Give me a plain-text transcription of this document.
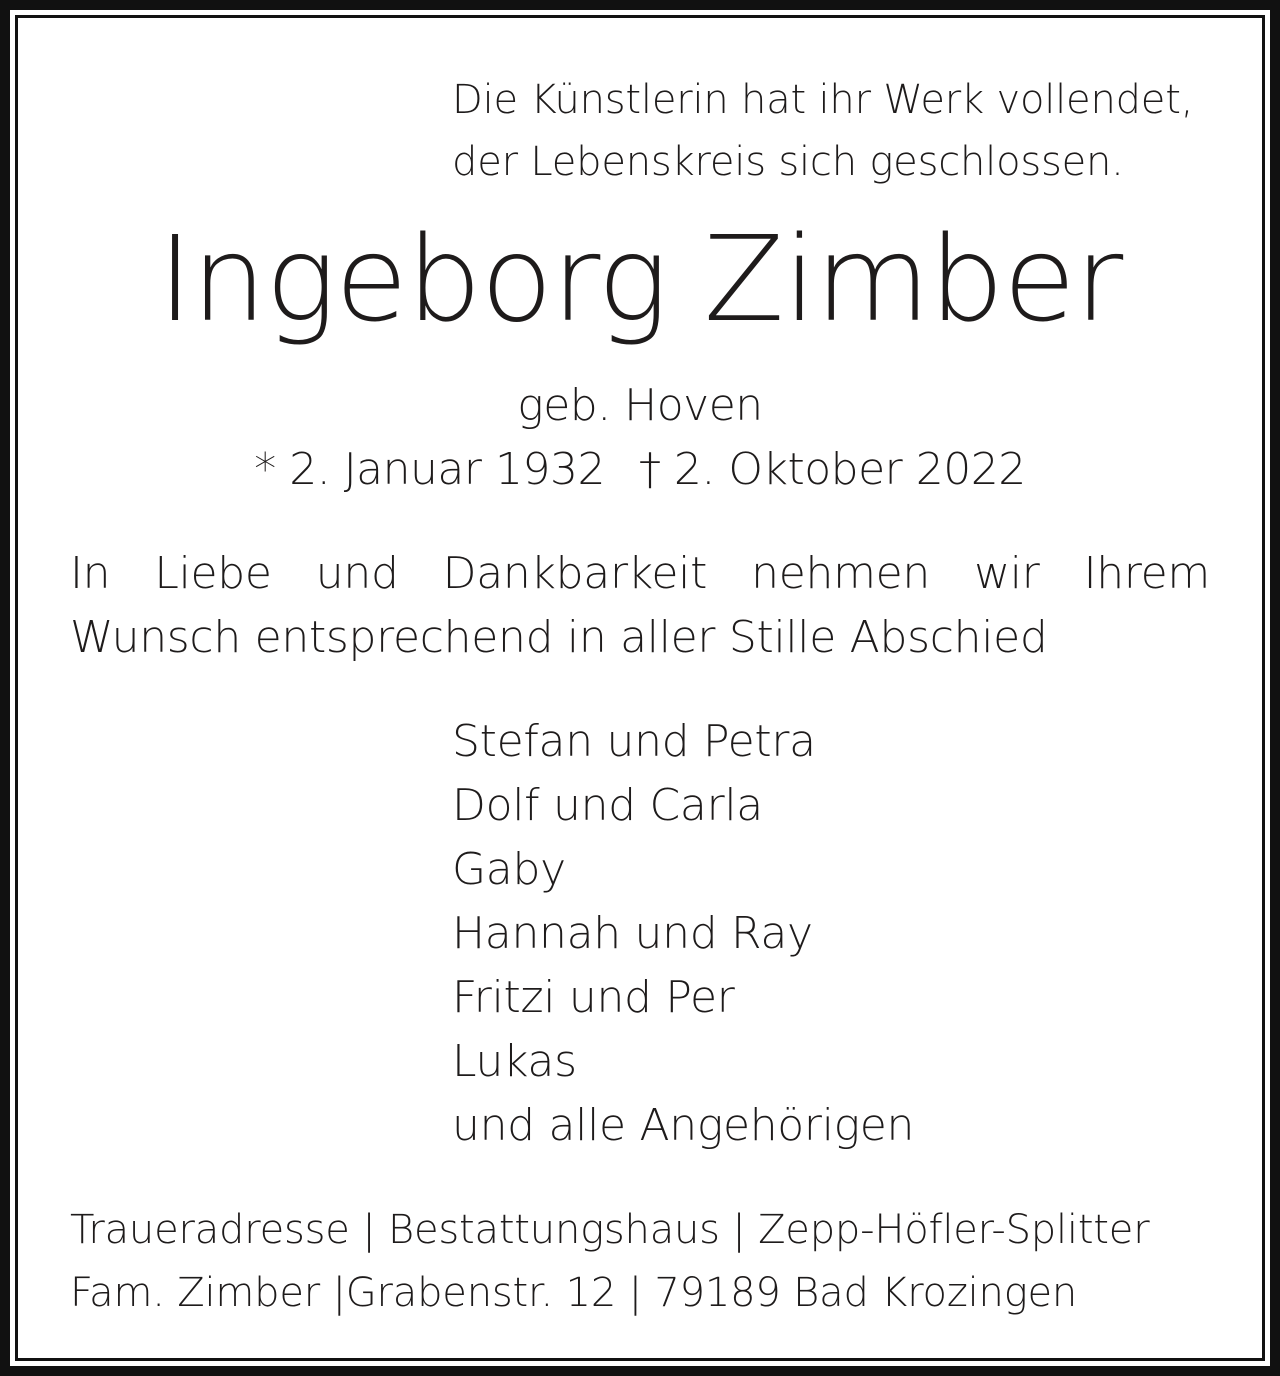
Die Künstlerin hat ihr Werk vollendet,
der Lebenskreis sich geschlossen.
Ingeborg Zimber
geb. Hoven
* 2. Januar 1932 † 2. Oktober 2022
In Liebe und Dankbarkeit nehmen wir Ihrem
Wunsch entsprechend in aller Stille Abschied
Stefan und Petra
Dolf und Carla
Gaby
Hannah und Ray
Fritzi und Per
Lukas
und alle Angehörigen
Traueradresse | Bestattungshaus | Zepp-Höfler-Splitter
Fam. Zimber |Grabenstr. 12 | 79189 Bad Krozingen
